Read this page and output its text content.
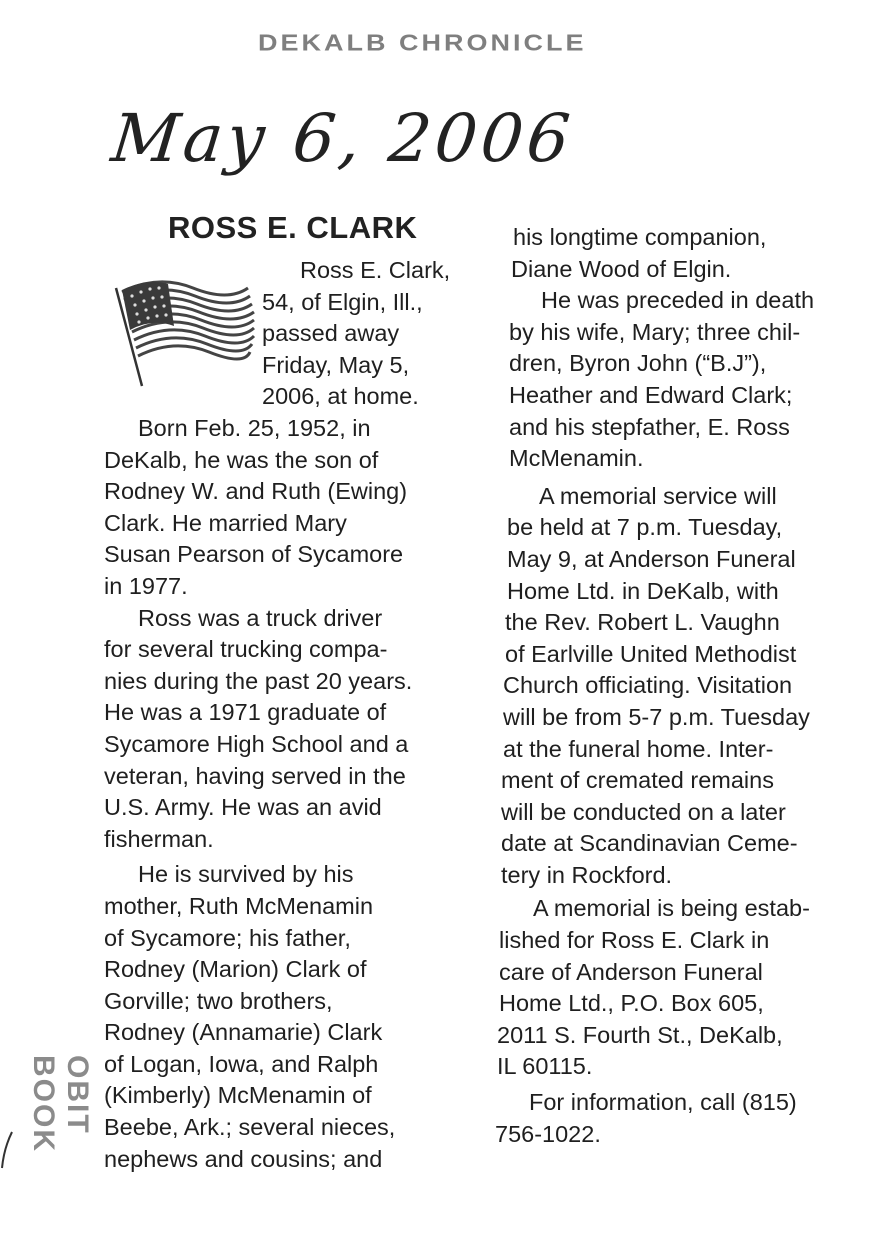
DEKALB CHRONICLE
May 6, 2006
ROSS E. CLARK
Ross E. Clark,
54, of Elgin, Ill.,
passed away
Friday, May 5,
2006, at home.
Born Feb. 25, 1952, in
DeKalb, he was the son of
Rodney W. and Ruth (Ewing)
Clark. He married Mary
Susan Pearson of Sycamore
in 1977.
Ross was a truck driver
for several trucking compa-
nies during the past 20 years.
He was a 1971 graduate of
Sycamore High School and a
veteran, having served in the
U.S. Army. He was an avid
fisherman.
He is survived by his
mother, Ruth McMenamin
of Sycamore; his father,
Rodney (Marion) Clark of
Gorville; two brothers,
Rodney (Annamarie) Clark
of Logan, Iowa, and Ralph
(Kimberly) McMenamin of
Beebe, Ark.; several nieces,
nephews and cousins; and
his longtime companion,
Diane Wood of Elgin.
He was preceded in death
by his wife, Mary; three chil-
dren, Byron John (“B.J”),
Heather and Edward Clark;
and his stepfather, E. Ross
McMenamin.
A memorial service will
be held at 7 p.m. Tuesday,
May 9, at Anderson Funeral
Home Ltd. in DeKalb, with
the Rev. Robert L. Vaughn
of Earlville United Methodist
Church officiating. Visitation
will be from 5-7 p.m. Tuesday
at the funeral home. Inter-
ment of cremated remains
will be conducted on a later
date at Scandinavian Ceme-
tery in Rockford.
A memorial is being estab-
lished for Ross E. Clark in
care of Anderson Funeral
Home Ltd., P.O. Box 605,
2011 S. Fourth St., DeKalb,
IL 60115.
For information, call (815)
756-1022.
OBIT BOOK
